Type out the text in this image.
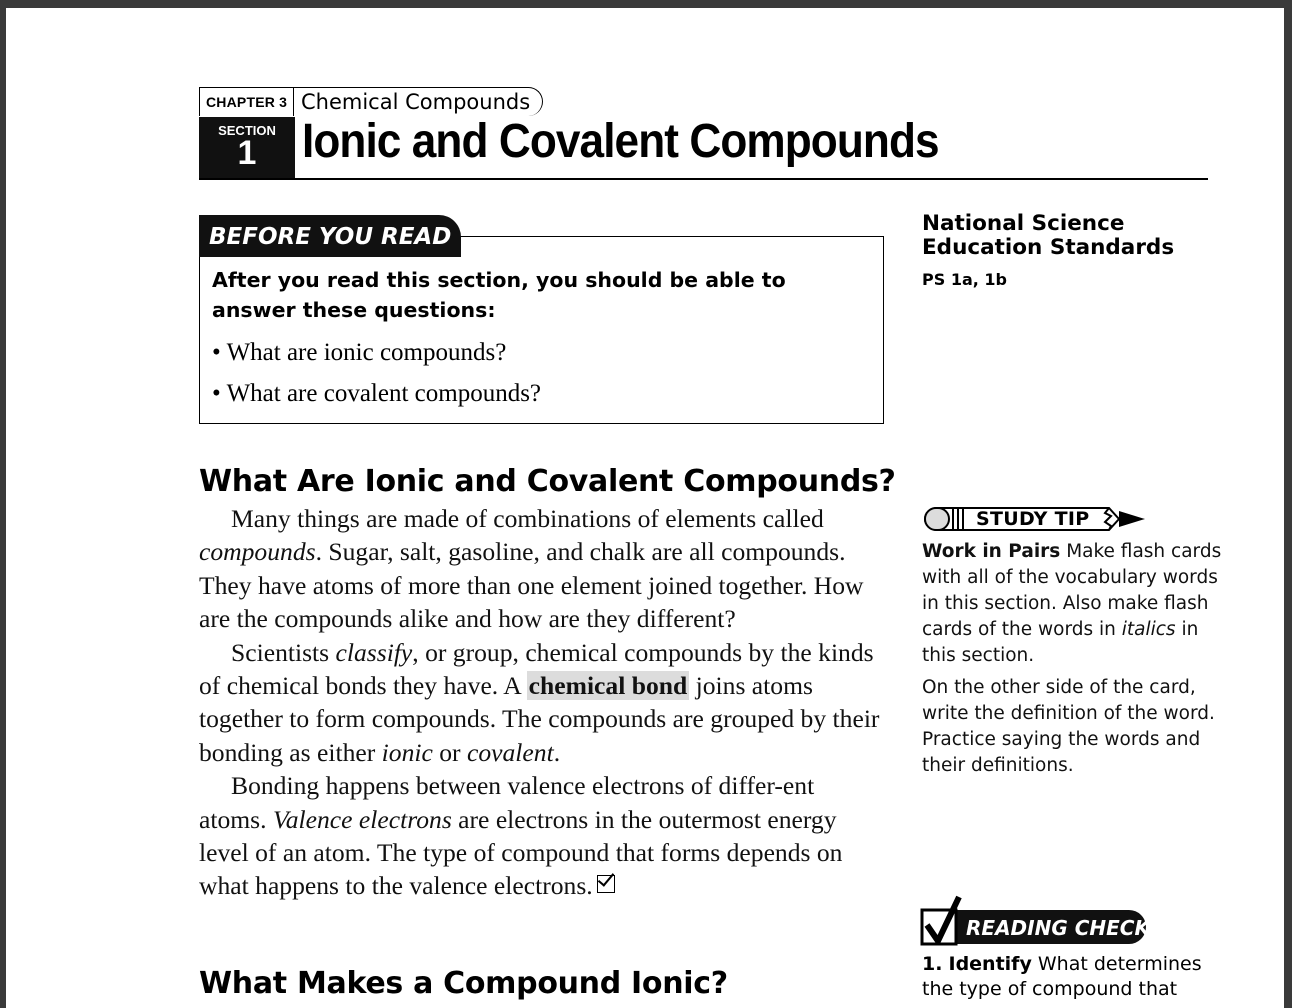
CHAPTER 3 Chemical Compounds
SECTION
1 Ionic and Covalent Compounds
BEFORE YOU READ
After you read this section, you should be able to answer these questions:
• What are ionic compounds?
• What are covalent compounds?
National Science Education Standards
PS 1a, 1b
What Are Ionic and Covalent Compounds?

Many things are made of combinations of elements called compounds. Sugar, salt, gasoline, and chalk are all compounds. They have atoms of more than one element joined together. How are the compounds alike and how are they different?

Scientists classify, or group, chemical compounds by the kinds of chemical bonds they have. A chemical bond joins atoms together to form compounds. The compounds are grouped by their bonding as either ionic or covalent.

Bonding happens between valence electrons of differ-ent atoms. Valence electrons are electrons in the outermost energy level of an atom. The type of compound that forms depends on what happens to the valence electrons.

What Makes a Compound Ionic?
STUDY TIP

Work in Pairs Make flash cards with all of the vocabulary words in this section. Also make flash cards of the words in italics in this section.

On the other side of the card, write the definition of the word. Practice saying the words and their definitions.

READING CHECK
1. Identify What determines the type of compound that
